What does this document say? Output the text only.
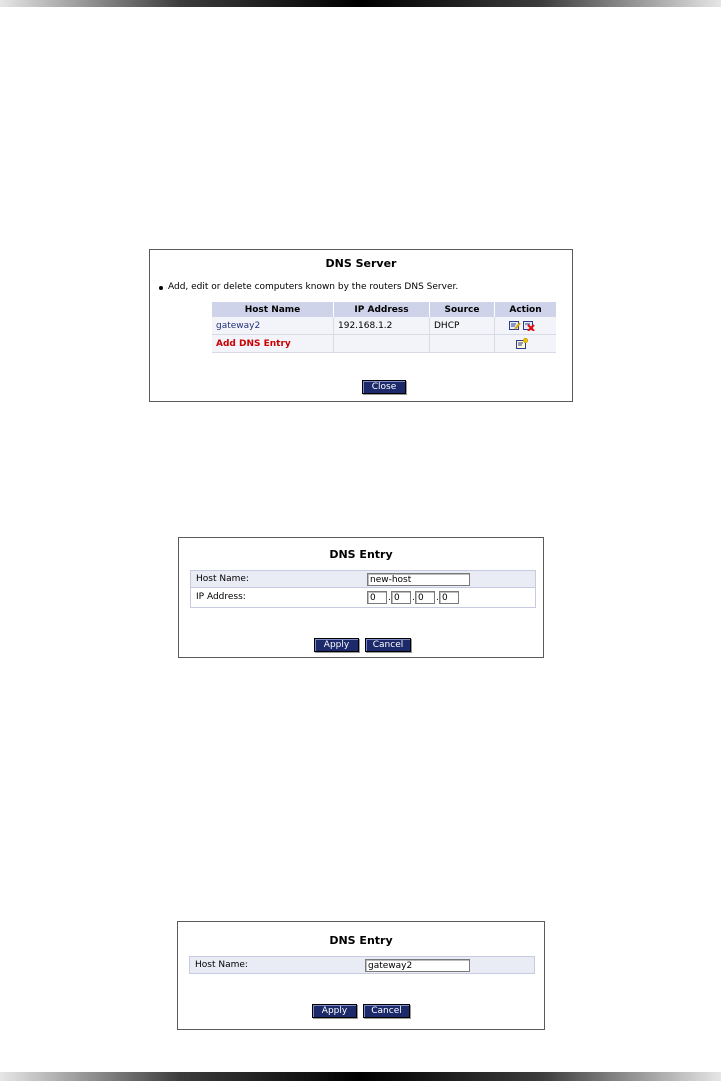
DNS Server
Add, edit or delete computers known by the routers DNS Server.
Host Name	IP Address	Source	Action
gateway2	192.168.1.2	DHCP	

Add DNS Entry			
Close
DNS Entry
Host Name:	new-host
IP Address:	0	. 0	. 0	. 0
Apply	Cancel
DNS Entry
Host Name:	gateway2
Apply	Cancel
